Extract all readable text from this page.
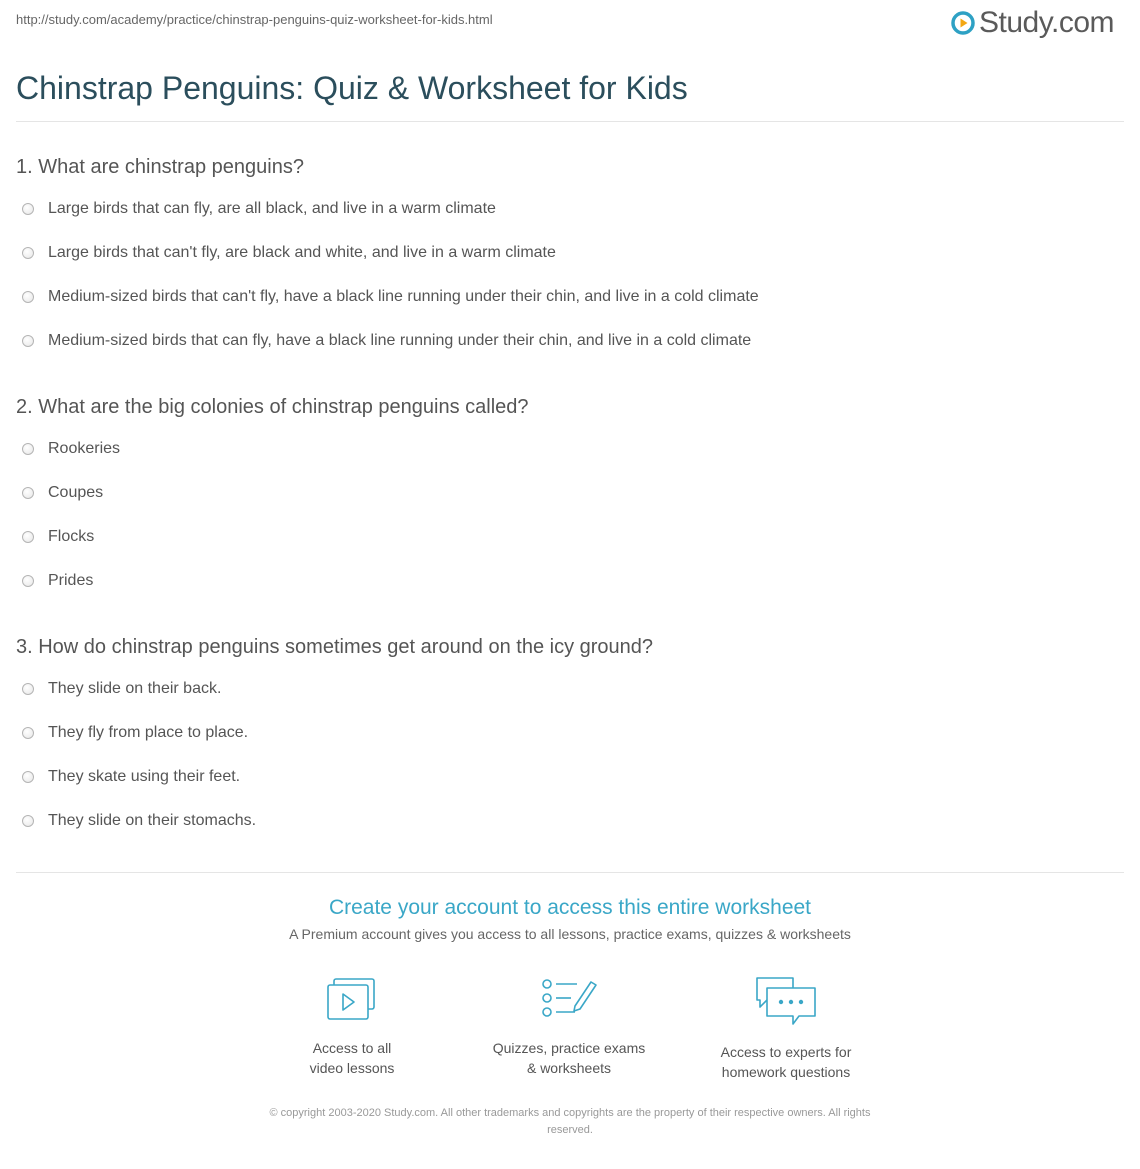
http://study.com/academy/practice/chinstrap-penguins-quiz-worksheet-for-kids.html	Study.com
Chinstrap Penguins: Quiz & Worksheet for Kids
1. What are chinstrap penguins?
Large birds that can fly, are all black, and live in a warm climate
Large birds that can't fly, are black and white, and live in a warm climate
Medium-sized birds that can't fly, have a black line running under their chin, and live in a cold climate
Medium-sized birds that can fly, have a black line running under their chin, and live in a cold climate
2. What are the big colonies of chinstrap penguins called?
Rookeries
Coupes
Flocks
Prides
3. How do chinstrap penguins sometimes get around on the icy ground?
They slide on their back.
They fly from place to place.
They skate using their feet.
They slide on their stomachs.
Create your account to access this entire worksheet
A Premium account gives you access to all lessons, practice exams, quizzes & worksheets
Access to all
video lessons
Quizzes, practice exams
& worksheets
Access to experts for
homework questions
© copyright 2003-2020 Study.com. All other trademarks and copyrights are the property of their respective owners. All rights
reserved.
